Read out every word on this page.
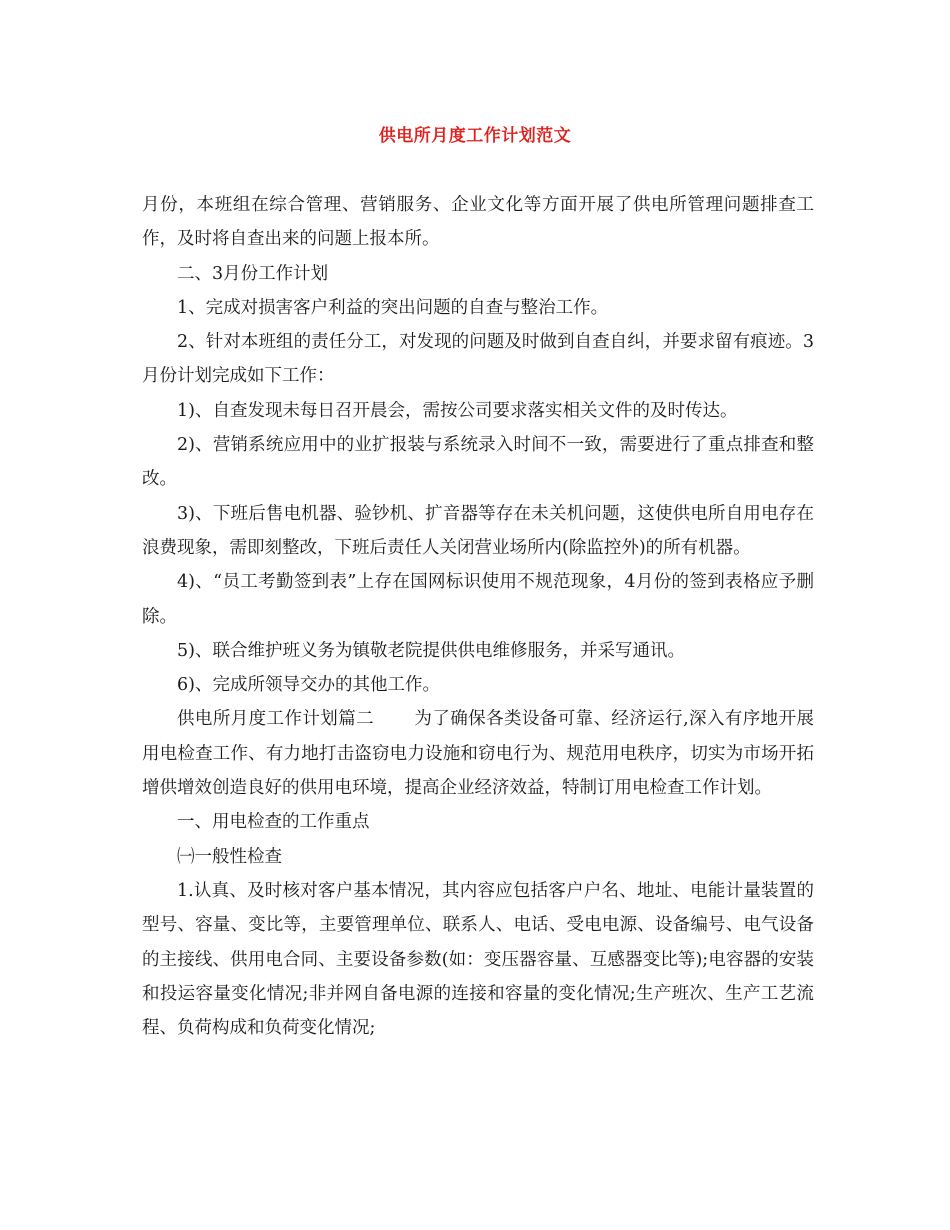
供电所月度工作计划范文

月份，本班组在综合管理、营销服务、企业文化等方面开展了供电所管理问题排查工作，及时将自查出来的问题上报本所。

二、3月份工作计划

1、完成对损害客户利益的突出问题的自查与整治工作。

2、针对本班组的责任分工，对发现的问题及时做到自查自纠，并要求留有痕迹。3月份计划完成如下工作：

1)、自查发现未每日召开晨会，需按公司要求落实相关文件的及时传达。

2)、营销系统应用中的业扩报装与系统录入时间不一致，需要进行了重点排查和整改。

3)、下班后售电机器、验钞机、扩音器等存在未关机问题，这使供电所自用电存在浪费现象，需即刻整改，下班后责任人关闭营业场所内(除监控外)的所有机器。

4)、“员工考勤签到表”上存在国网标识使用不规范现象，4月份的签到表格应予删除。

5)、联合维护班义务为镇敬老院提供供电维修服务，并采写通讯。

6)、完成所领导交办的其他工作。

供电所月度工作计划篇二 为了确保各类设备可靠、经济运行,深入有序地开展用电检查工作、有力地打击盗窃电力设施和窃电行为、规范用电秩序，切实为市场开拓增供增效创造良好的供用电环境，提高企业经济效益，特制订用电检查工作计划。

一、用电检查的工作重点

㈠一般性检查

1.认真、及时核对客户基本情况，其内容应包括客户户名、地址、电能计量装置的型号、容量、变比等，主要管理单位、联系人、电话、受电电源、设备编号、电气设备的主接线、供用电合同、主要设备参数(如：变压器容量、互感器变比等);电容器的安装和投运容量变化情况;非并网自备电源的连接和容量的变化情况;生产班次、生产工艺流程、负荷构成和负荷变化情况;
